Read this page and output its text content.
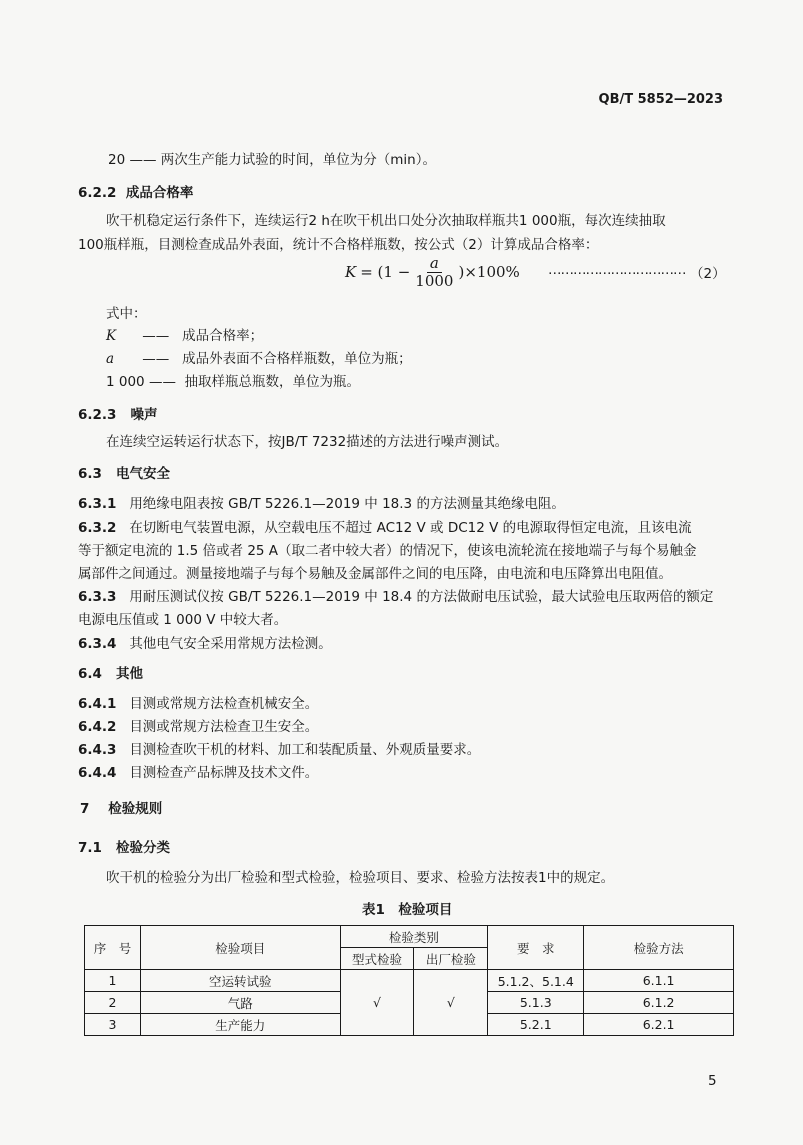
QB/T 5852—2023
20 —— 两次生产能力试验的时间，单位为分（min）。
6.2.2 成品合格率
吹干机稳定运行条件下，连续运行2 h在吹干机出口处分次抽取样瓶共1 000瓶，每次连续抽取
100瓶样瓶，目测检查成品外表面，统计不合格样瓶数，按公式（2）计算成品合格率：
$K = (1 - \frac{a}{1000} )\times 100\%$ …………………………… （2）
式中：
K —— 成品合格率；
a —— 成品外表面不合格样瓶数，单位为瓶；
1 000 —— 抽取样瓶总瓶数，单位为瓶。
6.2.3 噪声
在连续空运转运行状态下，按JB/T 7232描述的方法进行噪声测试。
6.3 电气安全
6.3.1 用绝缘电阻表按 GB/T 5226.1—2019 中 18.3 的方法测量其绝缘电阻。
6.3.2 在切断电气装置电源，从空载电压不超过 AC12 V 或 DC12 V 的电源取得恒定电流，且该电流
等于额定电流的 1.5 倍或者 25 A（取二者中较大者）的情况下，使该电流轮流在接地端子与每个易触金
属部件之间通过。测量接地端子与每个易触及金属部件之间的电压降，由电流和电压降算出电阻值。
6.3.3 用耐压测试仪按 GB/T 5226.1—2019 中 18.4 的方法做耐电压试验，最大试验电压取两倍的额定
电源电压值或 1 000 V 中较大者。
6.3.4 其他电气安全采用常规方法检测。
6.4 其他
6.4.1 目测或常规方法检查机械安全。
6.4.2 目测或常规方法检查卫生安全。
6.4.3 目测检查吹干机的材料、加工和装配质量、外观质量要求。
6.4.4 目测检查产品标牌及技术文件。
7 检验规则
7.1 检验分类
吹干机的检验分为出厂检验和型式检验，检验项目、要求、检验方法按表1中的规定。
表1　检验项目
序　号	检验项目	检验类别		要　求	检验方法
		型式检验	出厂检验		
1	空运转试验	√	√	5.1.2、5.1.4	6.1.1
2	气路			5.1.3	6.1.2
3	生产能力			5.2.1	6.2.1
5
